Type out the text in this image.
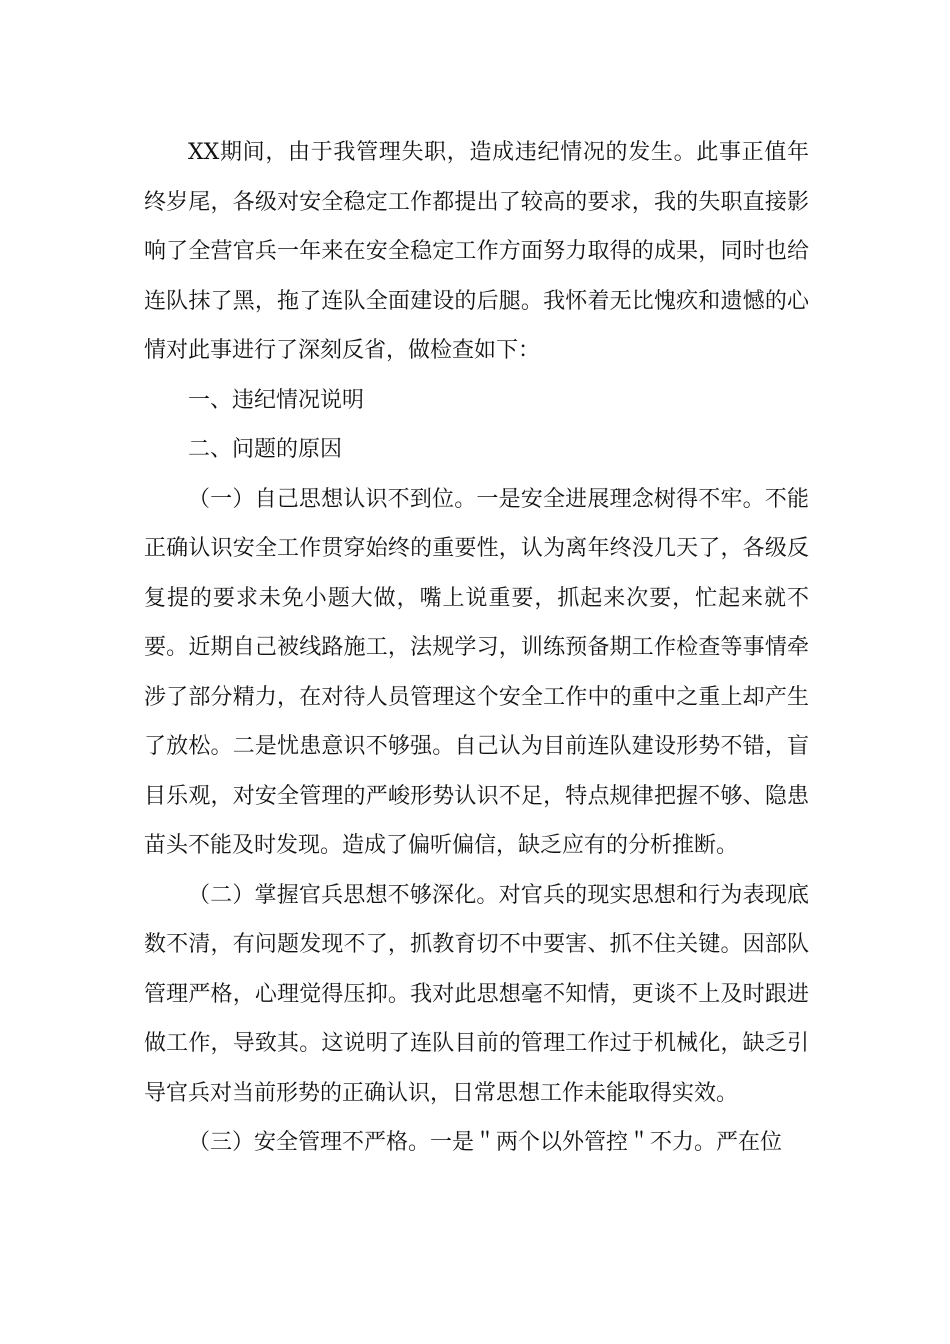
XX期间，由于我管理失职，造成违纪情况的发生。此事正值年终岁尾，各级对安全稳定工作都提出了较高的要求，我的失职直接影响了全营官兵一年来在安全稳定工作方面努力取得的成果，同时也给连队抹了黑，拖了连队全面建设的后腿。我怀着无比愧疚和遗憾的心情对此事进行了深刻反省，做检查如下：

一、违纪情况说明

二、问题的原因

（一）自己思想认识不到位。一是安全进展理念树得不牢。不能正确认识安全工作贯穿始终的重要性，认为离年终没几天了，各级反复提的要求未免小题大做，嘴上说重要，抓起来次要，忙起来就不要。近期自己被线路施工，法规学习，训练预备期工作检查等事情牵涉了部分精力，在对待人员管理这个安全工作中的重中之重上却产生了放松。二是忧患意识不够强。自己认为目前连队建设形势不错，盲目乐观，对安全管理的严峻形势认识不足，特点规律把握不够、隐患苗头不能及时发现。造成了偏听偏信，缺乏应有的分析推断。

（二）掌握官兵思想不够深化。对官兵的现实思想和行为表现底数不清，有问题发现不了，抓教育切不中要害、抓不住关键。因部队管理严格，心理觉得压抑。我对此思想毫不知情，更谈不上及时跟进做工作，导致其。这说明了连队目前的管理工作过于机械化，缺乏引导官兵对当前形势的正确认识，日常思想工作未能取得实效。

（三）安全管理不严格。一是＂两个以外管控＂不力。严在位
